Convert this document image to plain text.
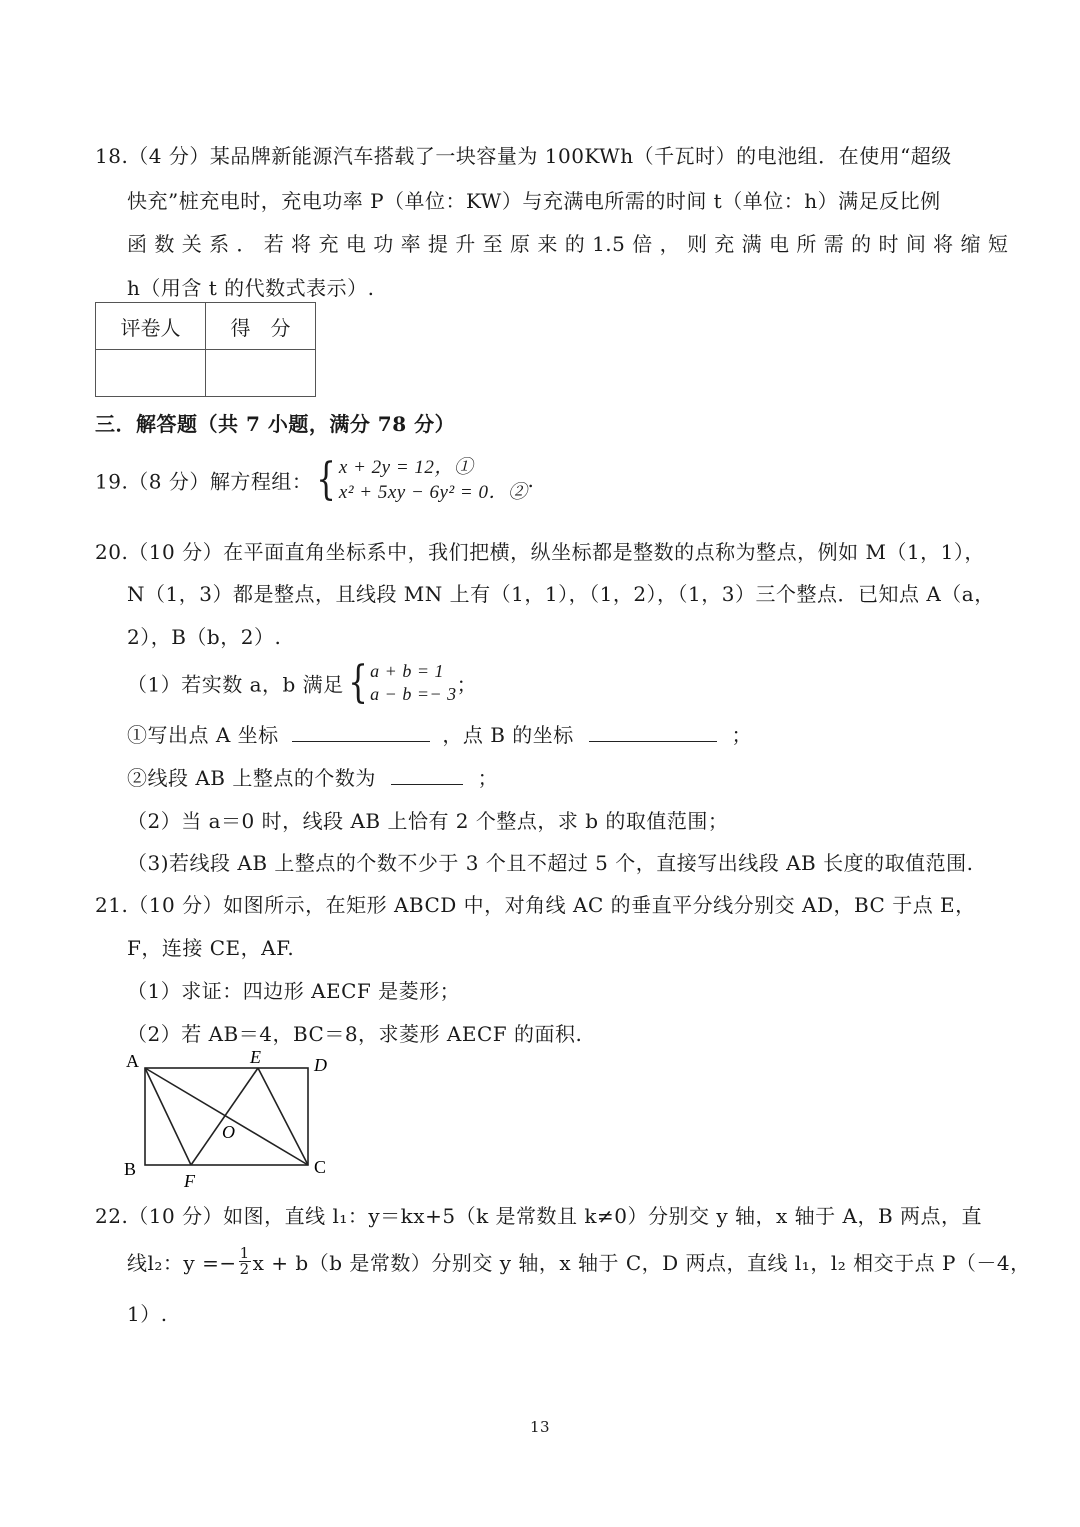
18.（4 分）某品牌新能源汽车搭载了一块容量为 100KWh（千瓦时）的电池组．在使用“超级
快充”桩充电时，充电功率 P（单位：KW）与充满电所需的时间 t（单位：h）满足反比例
函 数 关 系 ． 若 将 充 电 功 率 提 升 至 原 来 的 1.5 倍 ， 则 充 满 电 所 需 的 时 间 将 缩 短
h（用含 t 的代数式表示）.
评卷人	得　分

三．解答题（共 7 小题，满分 78 分）
19.（8 分）解方程组：{ x + 2y = 12，①
x² + 5xy − 6y² = 0．②.
20.（10 分）在平面直角坐标系中，我们把横，纵坐标都是整数的点称为整点，例如 M（1，1），
N（1，3）都是整点，且线段 MN 上有（1，1），（1，2），（1，3）三个整点．已知点 A（a，
2），B（b，2）.
（1）若实数 a，b 满足{ a + b = 1
a − b =− 3；
①写出点 A 坐标	，点 B 的坐标	；
②线段 AB 上整点的个数为	；
（2）当 a＝0 时，线段 AB 上恰有 2 个整点，求 b 的取值范围；
（3)若线段 AB 上整点的个数不少于 3 个且不超过 5 个，直接写出线段 AB 长度的取值范围.
21.（10 分）如图所示，在矩形 ABCD 中，对角线 AC 的垂直平分线分别交 AD，BC 于点 E，
F，连接 CE，AF.
（1）求证：四边形 AECF 是菱形；
（2）若 AB＝4，BC＝8，求菱形 AECF 的面积.
A	E	D
O
B
F
C
22.（10 分）如图，直线 l₁：y＝kx+5（k 是常数且 k≠0）分别交 y 轴，x 轴于 A，B 两点，直
线l₂：$y =- \frac{1}{2}$ x + b（b 是常数）分别交 y 轴，x 轴于 C，D 两点，直线 l₁，l₂ 相交于点 P（－4，
1）.
13
